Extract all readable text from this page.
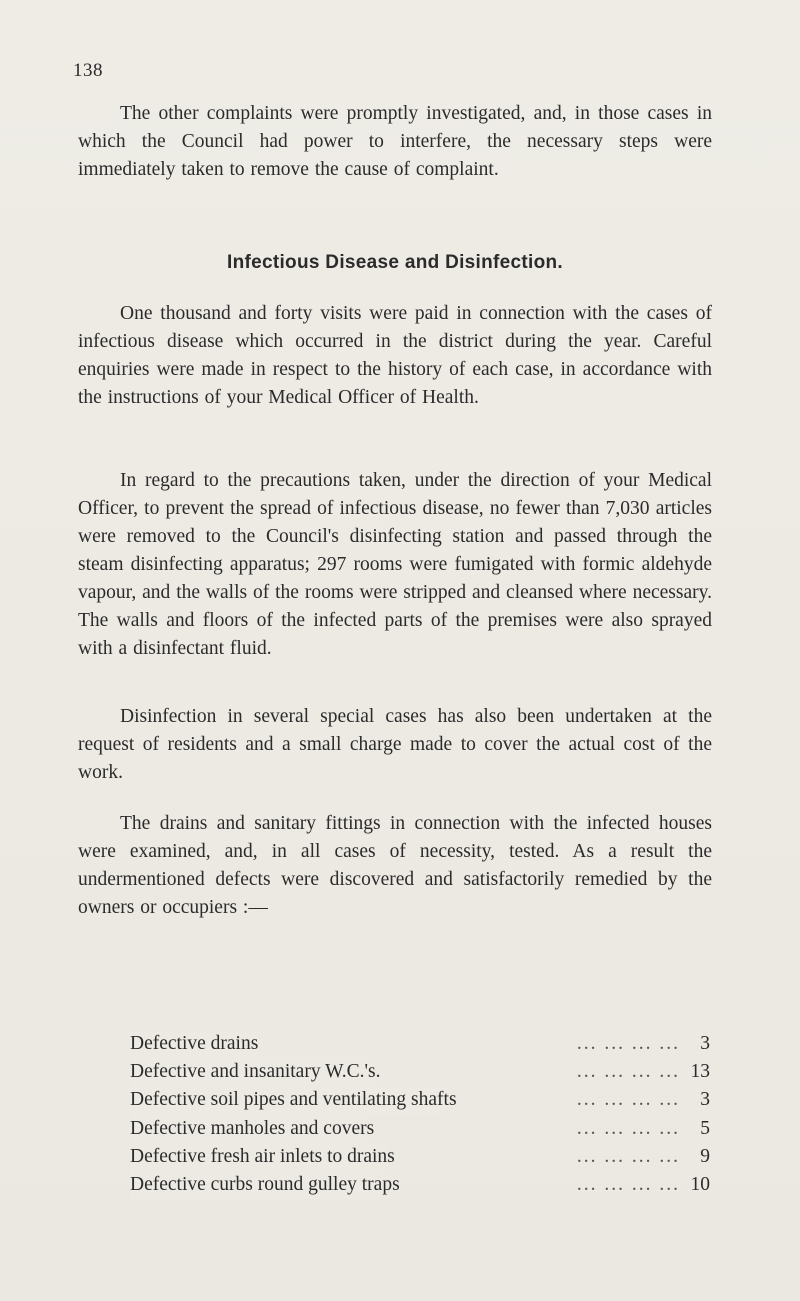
138

The other complaints were promptly investigated, and, in those cases in which the Council had power to interfere, the necessary steps were immediately taken to remove the cause of complaint.

Infectious Disease and Disinfection.

One thousand and forty visits were paid in connection with the cases of infectious disease which occurred in the district during the year. Careful enquiries were made in respect to the history of each case, in accordance with the instructions of your Medical Officer of Health.

In regard to the precautions taken, under the direction of your Medical Officer, to prevent the spread of infectious disease, no fewer than 7,030 articles were removed to the Council's disinfecting station and passed through the steam disinfecting apparatus; 297 rooms were fumigated with formic aldehyde vapour, and the walls of the rooms were stripped and cleansed where necessary. The walls and floors of the infected parts of the premises were also sprayed with a disinfectant fluid.

Disinfection in several special cases has also been undertaken at the request of residents and a small charge made to cover the actual cost of the work.

The drains and sanitary fittings in connection with the infected houses were examined, and, in all cases of necessity, tested. As a result the undermentioned defects were discovered and satisfactorily remedied by the owners or occupiers :—

... ... ... ...
Defective drains	3
... ... ... ...
Defective and insanitary W.C.'s.	13
... ... ... ...
Defective soil pipes and ventilating shafts	3
... ... ... ...
Defective manholes and covers	5
... ... ... ...
Defective fresh air inlets to drains	9
... ... ... ...
Defective curbs round gulley traps	10
